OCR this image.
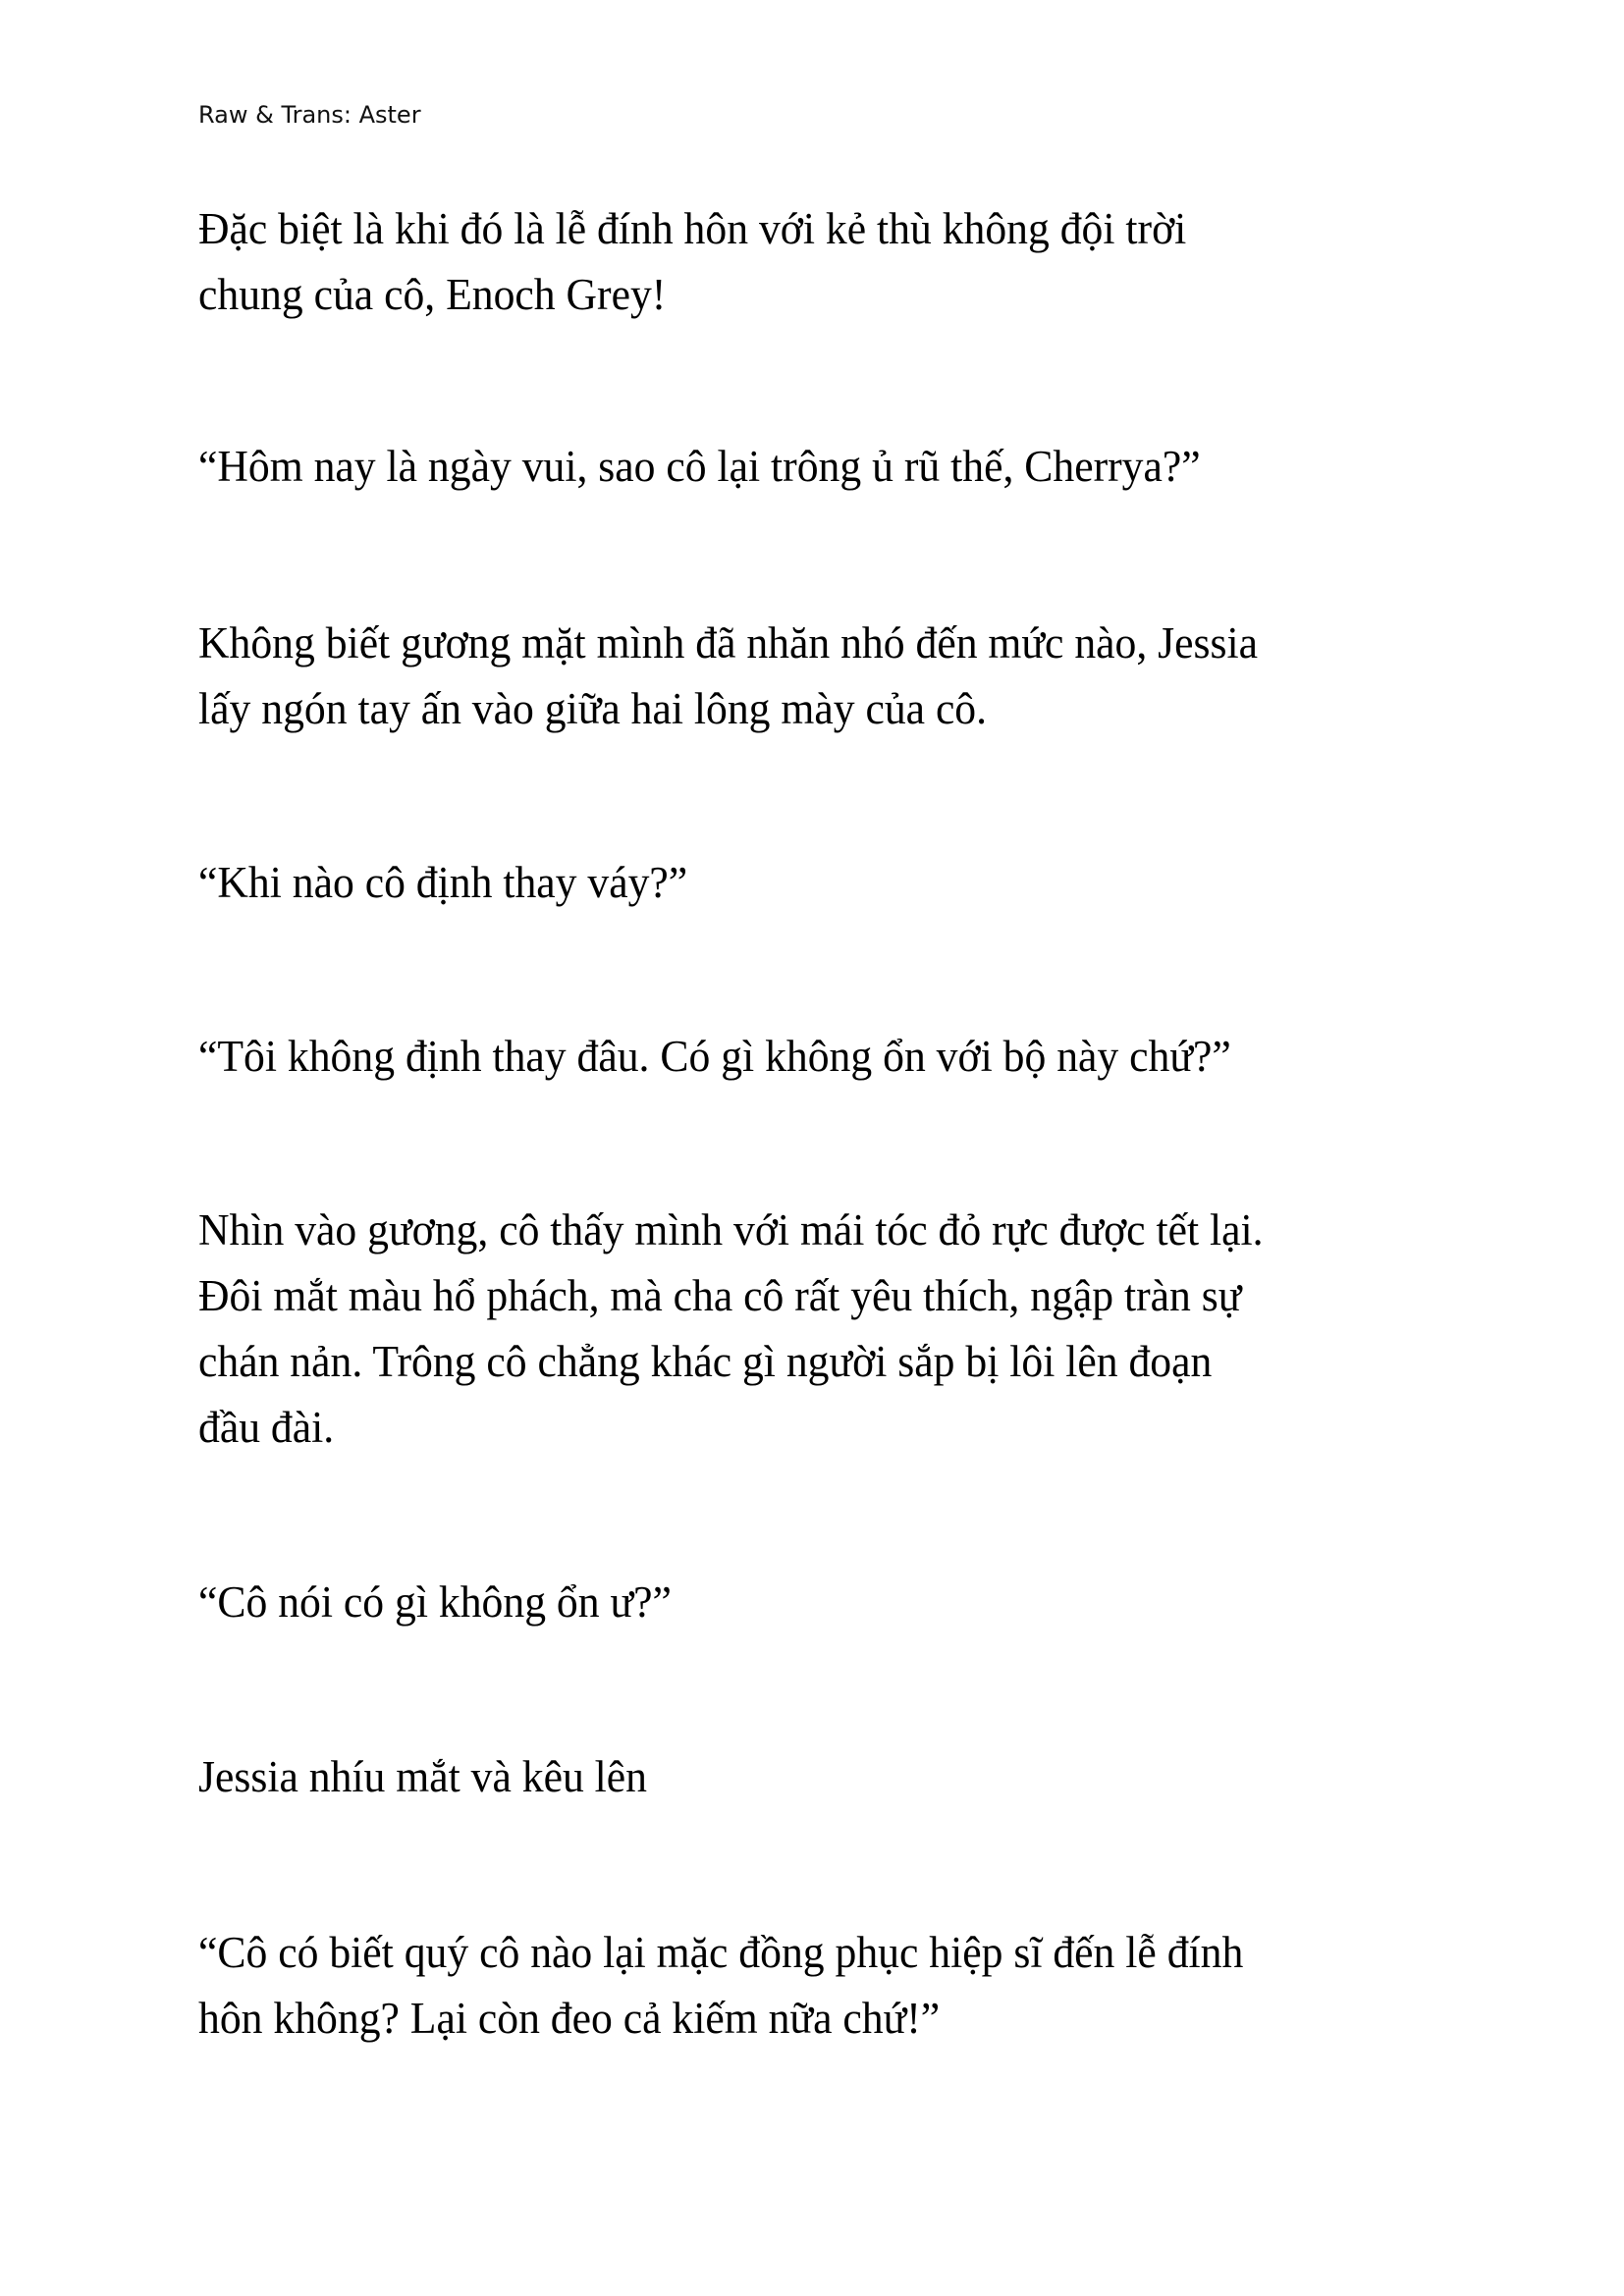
Raw & Trans: Aster
Đặc biệt là khi đó là lễ đính hôn với kẻ thù không đội trời
chung của cô, Enoch Grey!
“Hôm nay là ngày vui, sao cô lại trông ủ rũ thế, Cherrya?”
Không biết gương mặt mình đã nhăn nhó đến mức nào, Jessia
lấy ngón tay ấn vào giữa hai lông mày của cô.
“Khi nào cô định thay váy?”
“Tôi không định thay đâu. Có gì không ổn với bộ này chứ?”
Nhìn vào gương, cô thấy mình với mái tóc đỏ rực được tết lại.
Đôi mắt màu hổ phách, mà cha cô rất yêu thích, ngập tràn sự
chán nản. Trông cô chẳng khác gì người sắp bị lôi lên đoạn
đầu đài.
“Cô nói có gì không ổn ư?”
Jessia nhíu mắt và kêu lên
“Cô có biết quý cô nào lại mặc đồng phục hiệp sĩ đến lễ đính
hôn không? Lại còn đeo cả kiếm nữa chứ!”
